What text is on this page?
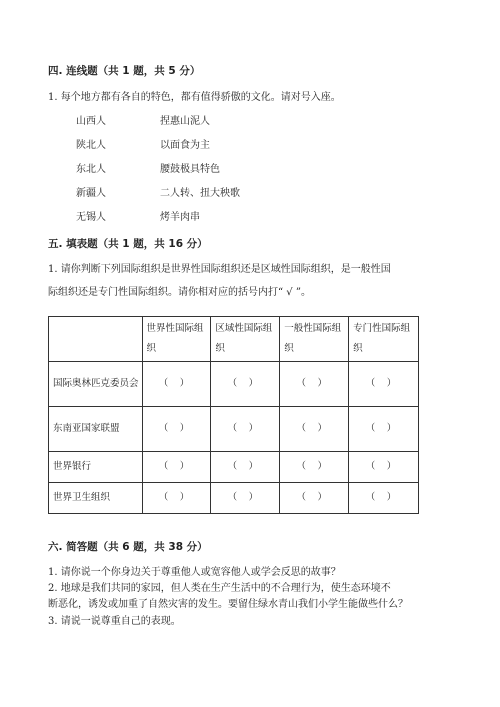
四. 连线题（共 1 题，共 5 分）
1. 每个地方都有各自的特色，都有值得骄傲的文化。请对号入座。
山西人	捏惠山泥人
陕北人	以面食为主
东北人	腰鼓极具特色
新疆人	二人转、扭大秧歌
无锡人	烤羊肉串
五. 填表题（共 1 题，共 16 分）
1. 请你判断下列国际组织是世界性国际组织还是区域性国际组织，是一般性国
际组织还是专门性国际组织。请你相对应的括号内打“ √ ”。
	世界性国际组织	区域性国际组织	一般性国际组织	专门性国际组织
国际奥林匹克委员会	（　）	（　）	（　）	（　）

东南亚国家联盟	（　）	（　）	（　）	（　）

世界银行	（　）	（　）	（　）	（　）

世界卫生组织	（　）	（　）	（　）	（　）
六. 简答题（共 6 题，共 38 分）
1. 请你说一个你身边关于尊重他人或宽容他人或学会反思的故事？
2. 地球是我们共同的家园，但人类在生产生活中的不合理行为，使生态环境不
断恶化，诱发或加重了自然灾害的发生。要留住绿水青山我们小学生能做些什么？
3. 请说一说尊重自己的表现。
